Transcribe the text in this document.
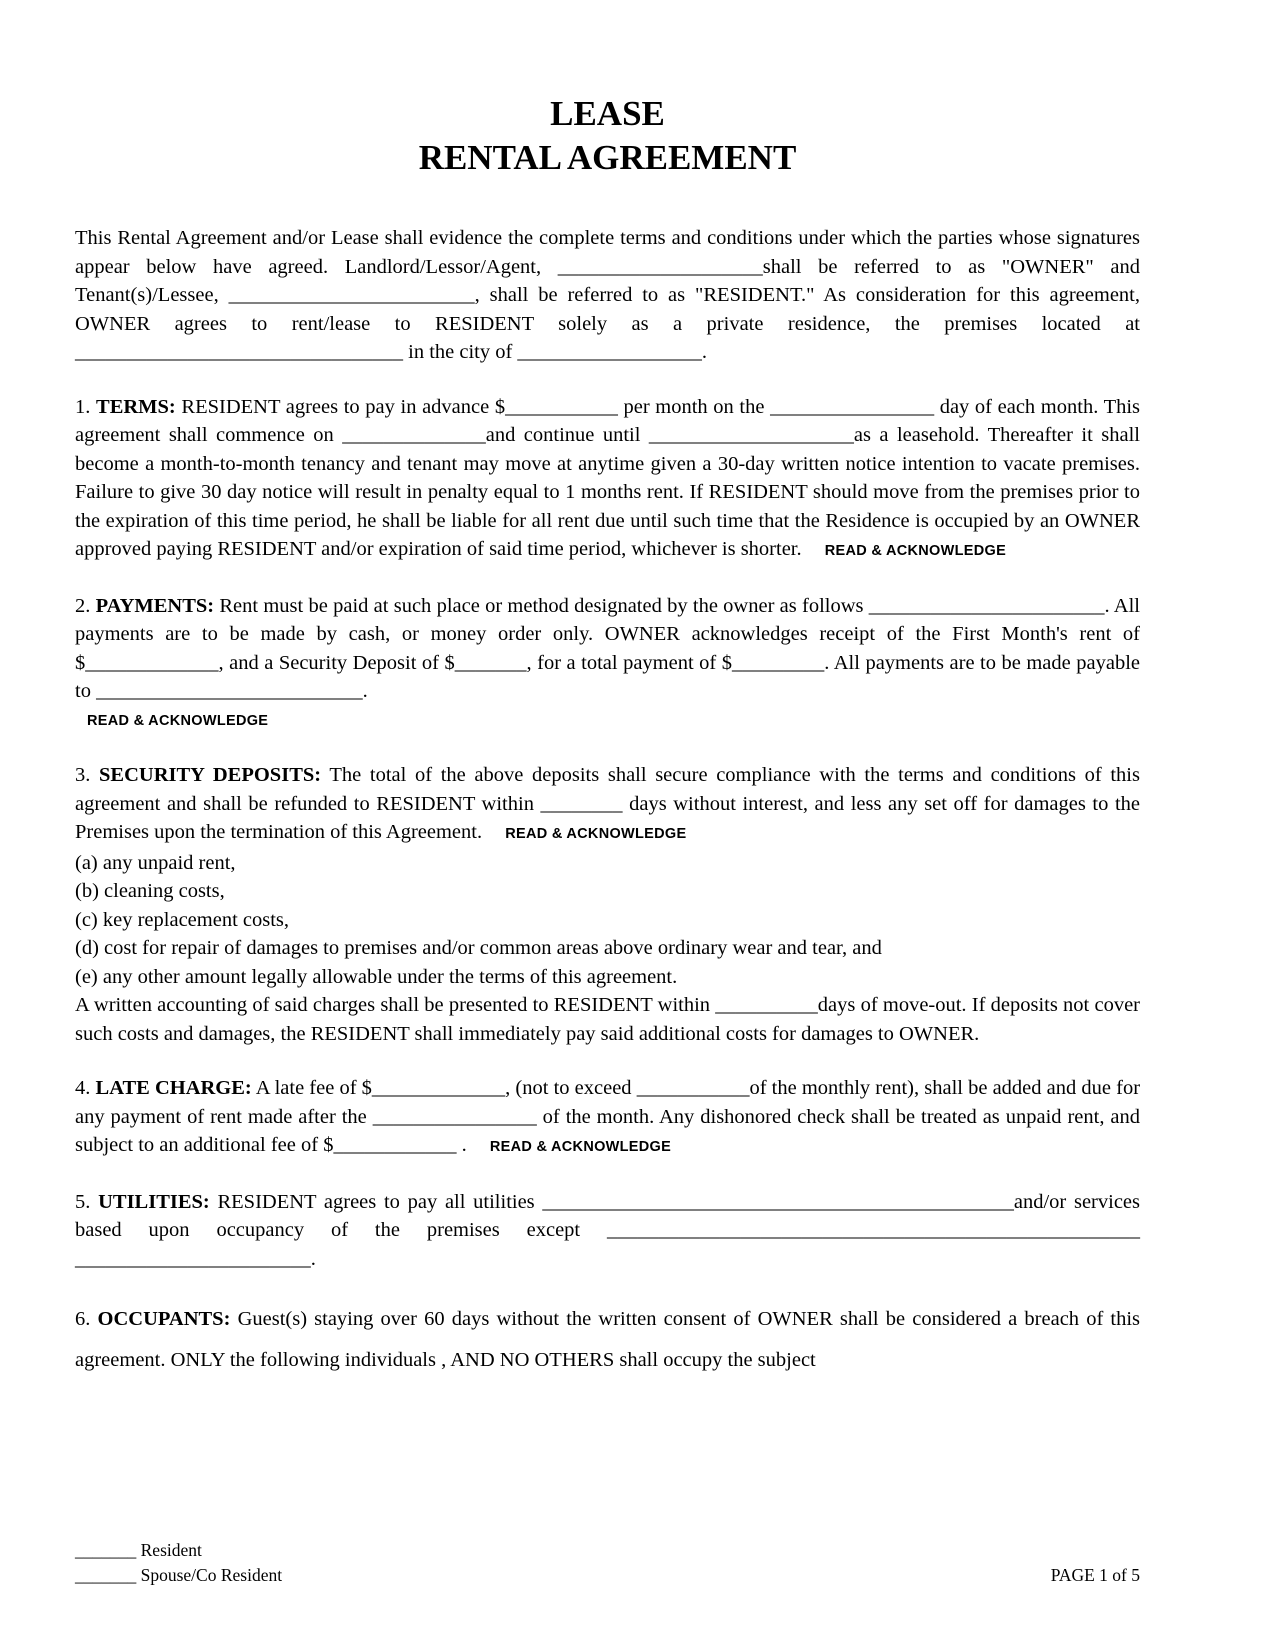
LEASE
RENTAL AGREEMENT

This Rental Agreement and/or Lease shall evidence the complete terms and conditions under which the parties whose signatures appear below have agreed. Landlord/Lessor/Agent, ____________________shall be referred to as "OWNER" and Tenant(s)/Lessee, ________________________, shall be referred to as "RESIDENT." As consideration for this agreement, OWNER agrees to rent/lease to RESIDENT solely as a private residence, the premises located at ________________________________ in the city of __________________.

1. TERMS: RESIDENT agrees to pay in advance $___________ per month on the ________________ day of each month. This agreement shall commence on ______________and continue until ____________________as a leasehold. Thereafter it shall become a month-to-month tenancy and tenant may move at anytime given a 30-day written notice intention to vacate premises. Failure to give 30 day notice will result in penalty equal to 1 months rent. If RESIDENT should move from the premises prior to the expiration of this time period, he shall be liable for all rent due until such time that the Residence is occupied by an OWNER approved paying RESIDENT and/or expiration of said time period, whichever is shorter. READ & ACKNOWLEDGE

2. PAYMENTS: Rent must be paid at such place or method designated by the owner as follows _______________________. All payments are to be made by cash, or money order only. OWNER acknowledges receipt of the First Month's rent of $_____________, and a Security Deposit of $_______, for a total payment of $_________. All payments are to be made payable to __________________________.
READ & ACKNOWLEDGE

3. SECURITY DEPOSITS: The total of the above deposits shall secure compliance with the terms and conditions of this agreement and shall be refunded to RESIDENT within ________ days without interest, and less any set off for damages to the Premises upon the termination of this Agreement. READ & ACKNOWLEDGE

(a) any unpaid rent,

(b) cleaning costs,

(c) key replacement costs,

(d) cost for repair of damages to premises and/or common areas above ordinary wear and tear, and

(e) any other amount legally allowable under the terms of this agreement.

A written accounting of said charges shall be presented to RESIDENT within __________days of move-out. If deposits not cover such costs and damages, the RESIDENT shall immediately pay said additional costs for damages to OWNER.

4. LATE CHARGE: A late fee of $_____________, (not to exceed ___________of the monthly rent), shall be added and due for any payment of rent made after the ________________ of the month. Any dishonored check shall be treated as unpaid rent, and subject to an additional fee of $____________ . READ & ACKNOWLEDGE

5. UTILITIES: RESIDENT agrees to pay all utilities ______________________________________________and/or services based upon occupancy of the premises except ____________________________________________________ _______________________.

6. OCCUPANTS: Guest(s) staying over 60 days without the written consent of OWNER shall be considered a breach of this agreement. ONLY the following individuals , AND NO OTHERS shall occupy the subject

_______ Resident
_______ Spouse/Co Resident	PAGE 1 of 5
